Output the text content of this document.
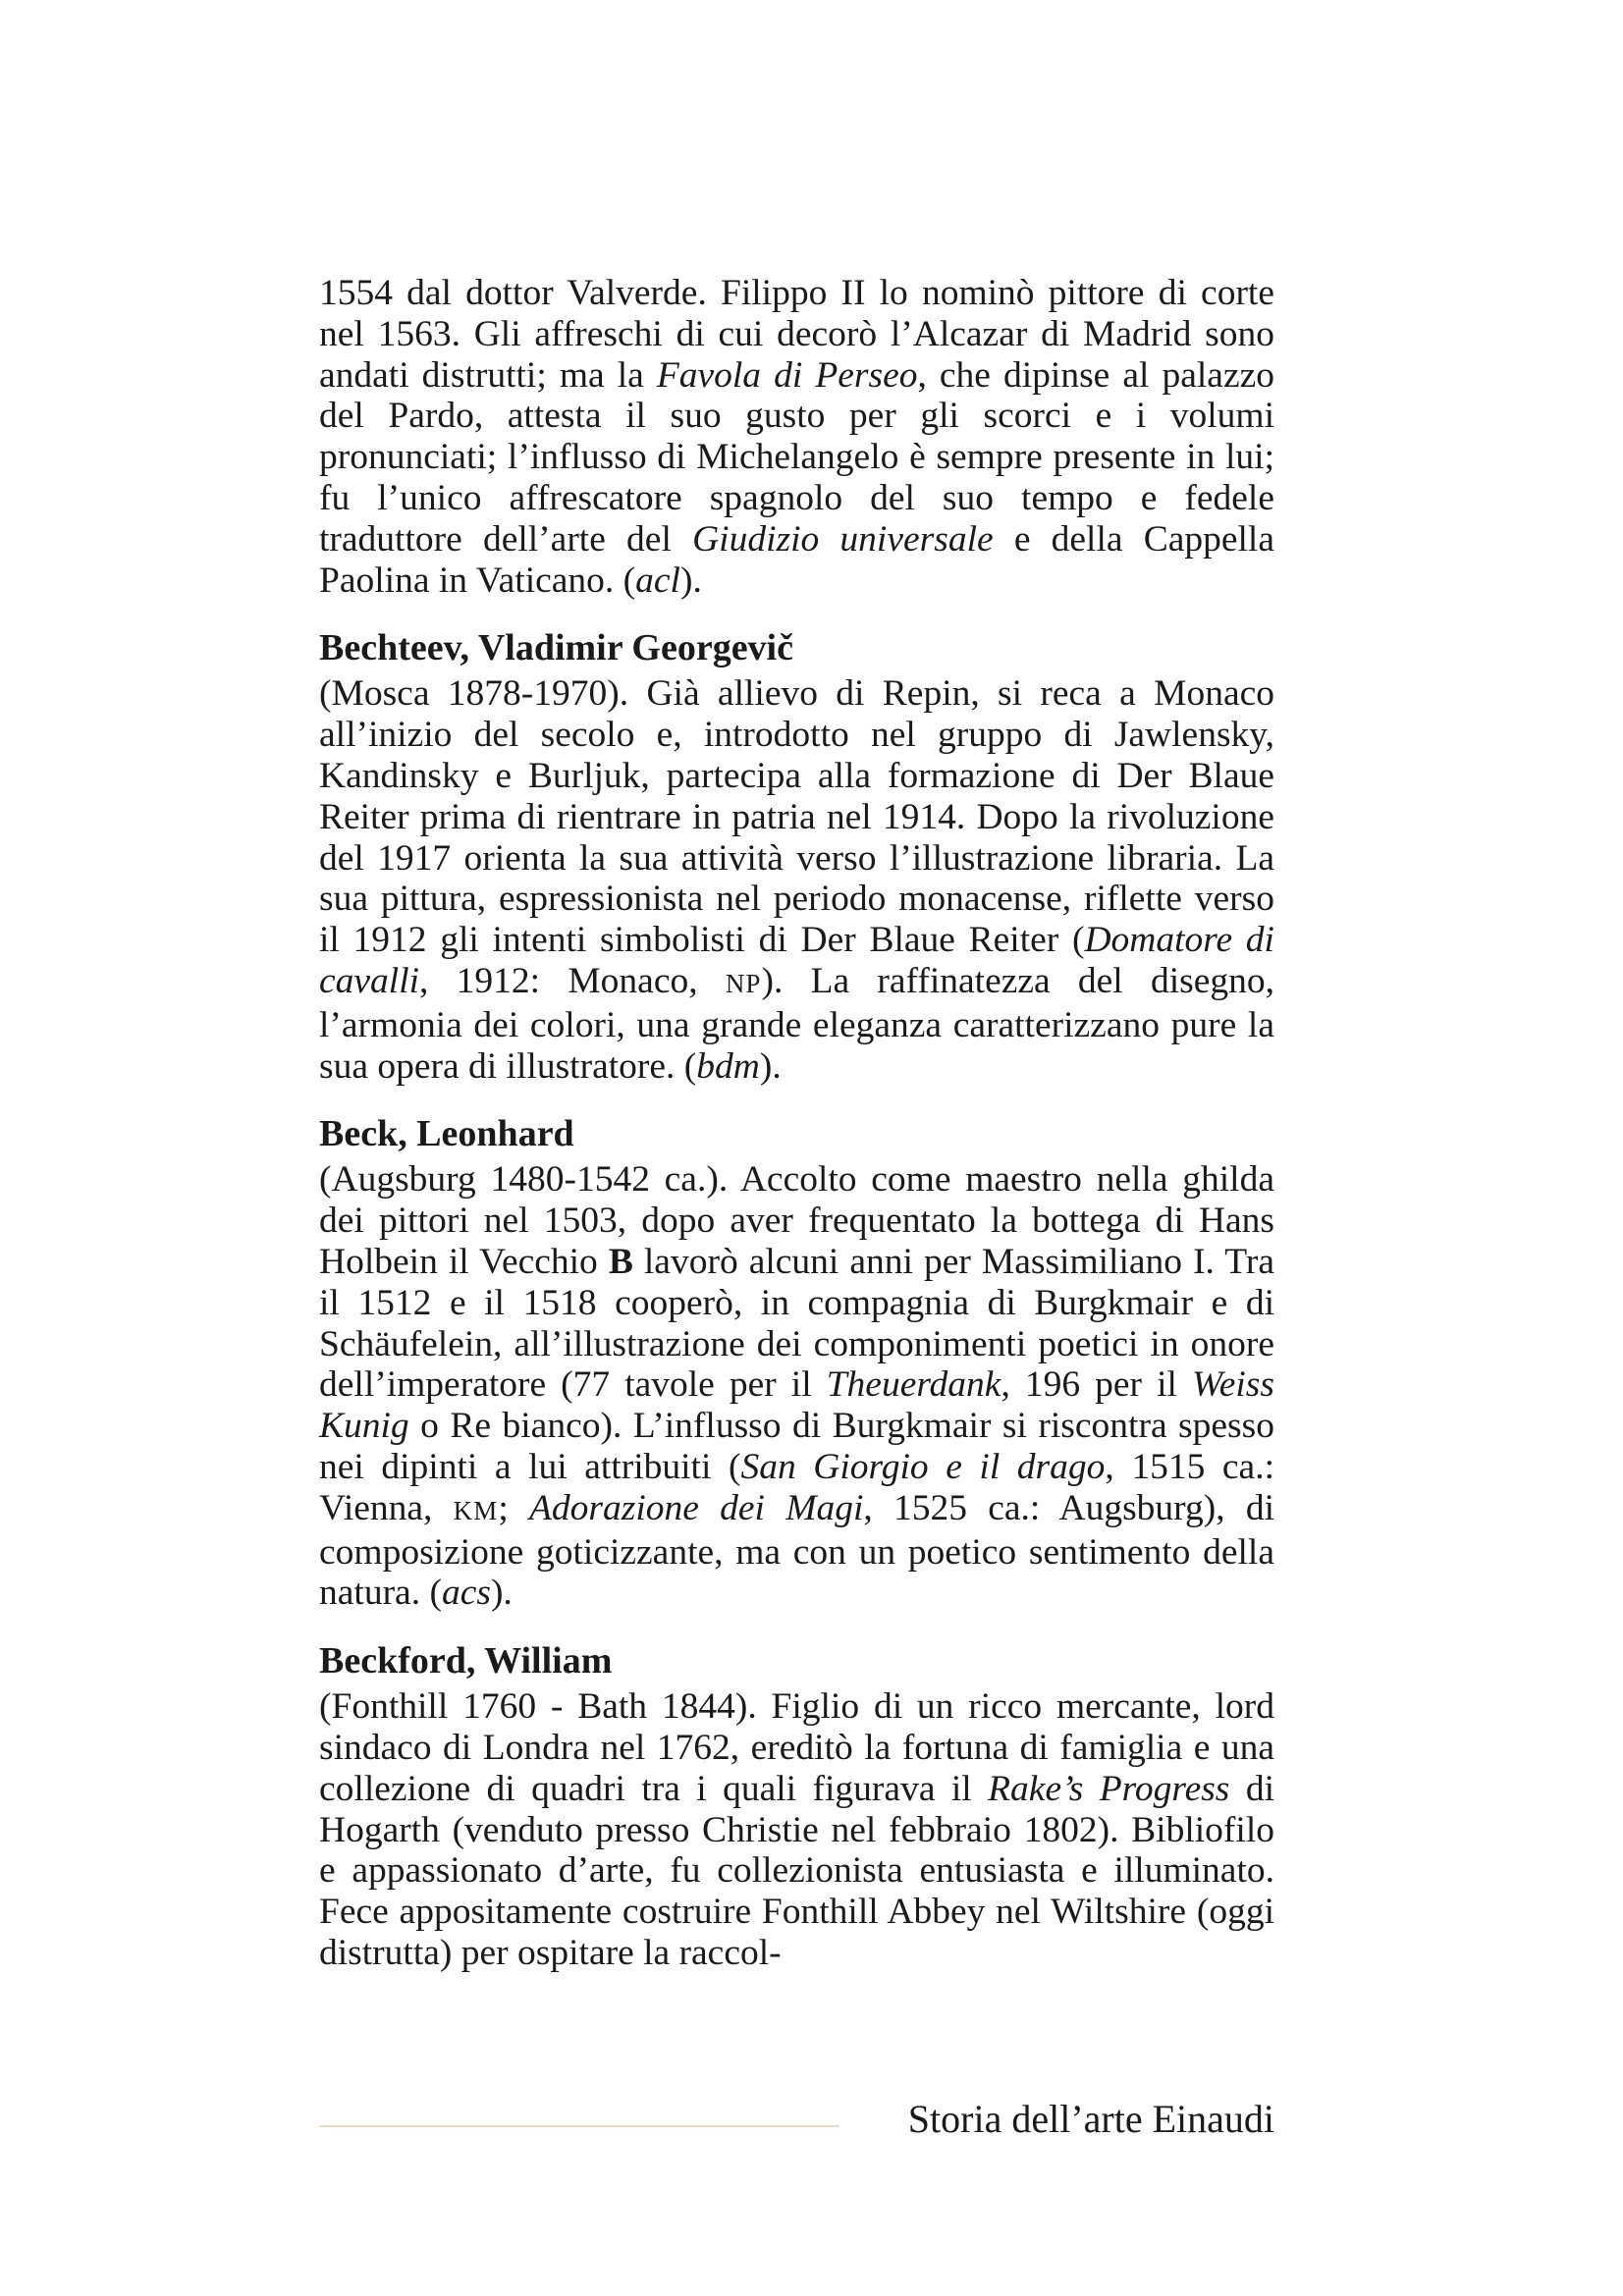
1554 dal dottor Valverde. Filippo II lo nominò pittore di corte nel 1563. Gli affreschi di cui decorò l’Alcazar di Madrid sono andati distrutti; ma la Favola di Perseo, che dipinse al palazzo del Pardo, attesta il suo gusto per gli scorci e i volumi pronunciati; l’influsso di Michelangelo è sempre presente in lui; fu l’unico affrescatore spagnolo del suo tempo e fedele traduttore dell’arte del Giudizio universale e della Cappella Paolina in Vaticano. (acl).

Bechteev, Vladimir Georgevič

(Mosca 1878-1970). Già allievo di Repin, si reca a Monaco all’inizio del secolo e, introdotto nel gruppo di Jawlensky, Kandinsky e Burljuk, partecipa alla formazione di Der Blaue Reiter prima di rientrare in patria nel 1914. Dopo la rivoluzione del 1917 orienta la sua attività verso l’illustrazione libraria. La sua pittura, espressionista nel periodo monacense, riflette verso il 1912 gli intenti simbolisti di Der Blaue Reiter (Domatore di cavalli, 1912: Monaco, NP). La raffinatezza del disegno, l’armonia dei colori, una grande eleganza caratterizzano pure la sua opera di illustratore. (bdm).

Beck, Leonhard

(Augsburg 1480-1542 ca.). Accolto come maestro nella ghilda dei pittori nel 1503, dopo aver frequentato la bottega di Hans Holbein il Vecchio B lavorò alcuni anni per Massimiliano I. Tra il 1512 e il 1518 cooperò, in compagnia di Burgkmair e di Schäufelein, all’illustrazione dei componimenti poetici in onore dell’imperatore (77 tavole per il Theuerdank, 196 per il Weiss Kunig o Re bianco). L’influsso di Burgkmair si riscontra spesso nei dipinti a lui attribuiti (San Giorgio e il drago, 1515 ca.: Vienna, KM; Adorazione dei Magi, 1525 ca.: Augsburg), di composizione goticizzante, ma con un poetico sentimento della natura. (acs).

Beckford, William

(Fonthill 1760 - Bath 1844). Figlio di un ricco mercante, lord sindaco di Londra nel 1762, ereditò la fortuna di famiglia e una collezione di quadri tra i quali figurava il Rake’s Progress di Hogarth (venduto presso Christie nel febbraio 1802). Bibliofilo e appassionato d’arte, fu collezionista entusiasta e illuminato. Fece appositamente costruire Fonthill Abbey nel Wiltshire (oggi distrutta) per ospitare la raccol-

Storia dell’arte Einaudi
